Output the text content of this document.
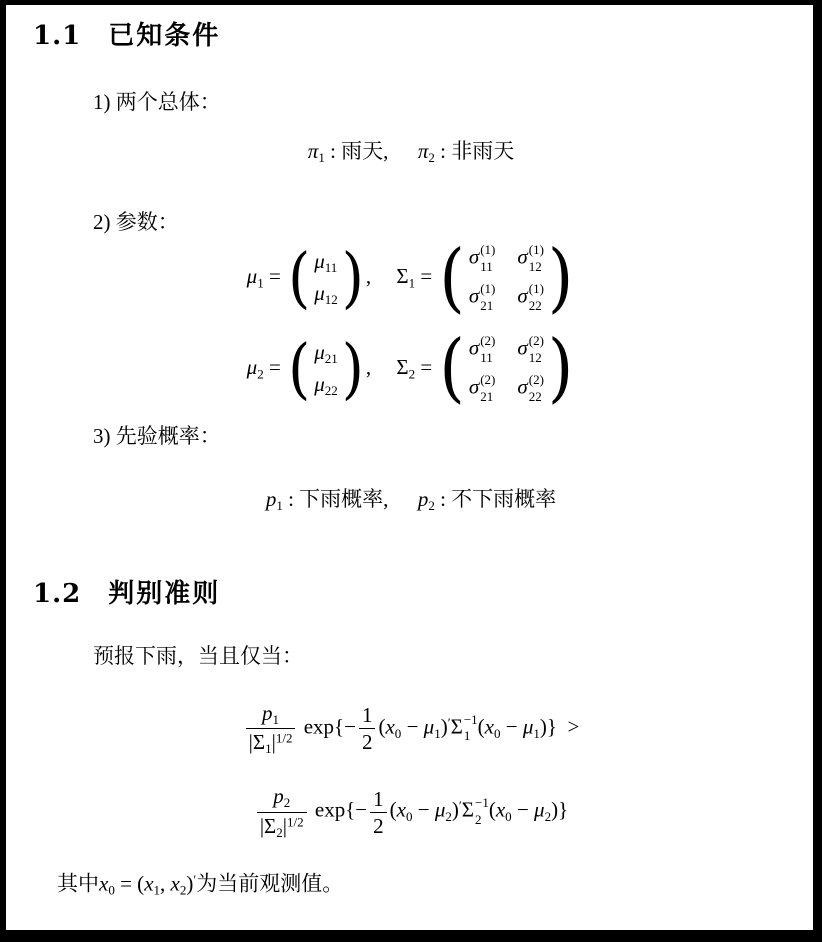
1.1 已知条件

1) 两个总体：

π1 : 雨天, π2 : 非雨天

2) 参数：

μ1 = ( μ11
μ12 ) , Σ1 = ( σ (1)
11 σ (1)
12
σ (1)
21 σ (1)
22 )
μ2 = ( μ21
μ22 ) , Σ2 = ( σ (2)
11 σ (2)
12
σ (2)
21 σ (2)
22 )

3) 先验概率：

p1 : 下雨概率, p2 : 不下雨概率
1.2 判别准则

预报下雨，当且仅当：

$\frac{p1}{|\Sigma 1|^{1/2}} \exp\{- \frac{1}{2} (x0 - \mu 1)'\Sigma -1$
1 (x0 − μ1)} >
$\frac{p2}{|\Sigma 2|^{1/2}} \exp\{- \frac{1}{2} (x0 - \mu 2)'\Sigma -1$
2 (x0 − μ2)}

其中x0 = (x1, x2)′为当前观测值。
